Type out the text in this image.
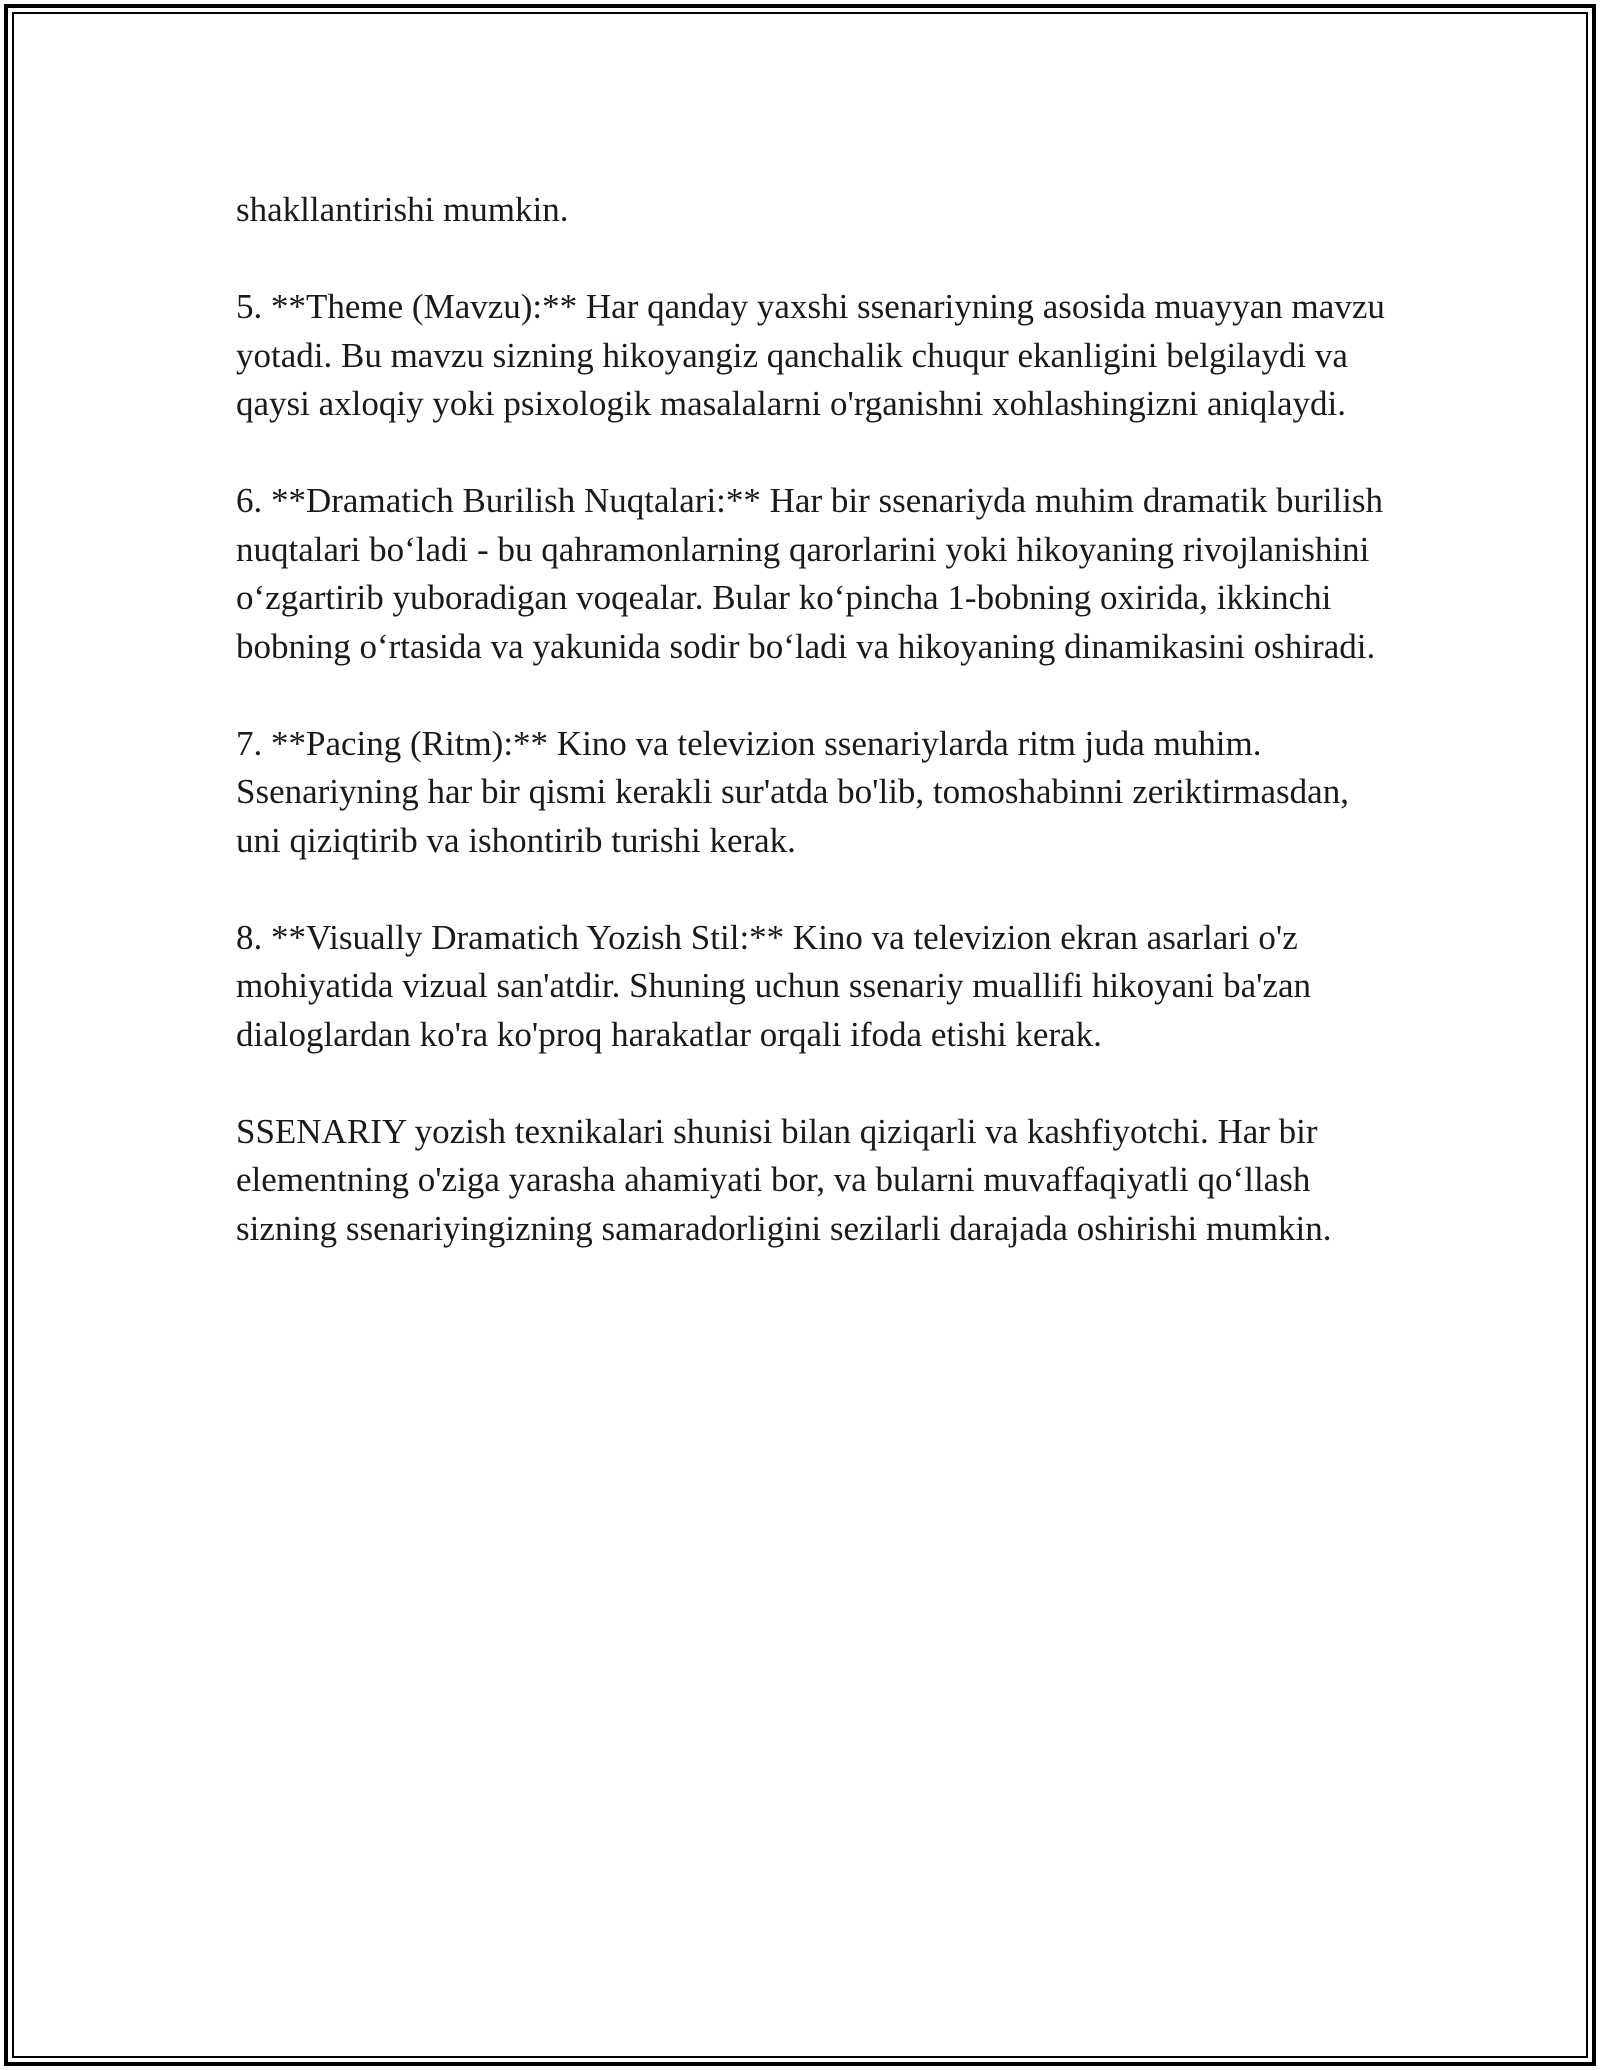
shakllantirishi mumkin.

5. **Theme (Mavzu):** Har qanday yaxshi ssenariyning asosida muayyan mavzu yotadi. Bu mavzu sizning hikoyangiz qanchalik chuqur ekanligini belgilaydi va qaysi axloqiy yoki psixologik masalalarni o'rganishni xohlashingizni aniqlaydi.

6. **Dramatich Burilish Nuqtalari:** Har bir ssenariyda muhim dramatik burilish nuqtalari bo‘ladi - bu qahramonlarning qarorlarini yoki hikoyaning rivojlanishini o‘zgartirib yuboradigan voqealar. Bular ko‘pincha 1-bobning oxirida, ikkinchi bobning o‘rtasida va yakunida sodir bo‘ladi va hikoyaning dinamikasini oshiradi.

7. **Pacing (Ritm):** Kino va televizion ssenariylarda ritm juda muhim. Ssenariyning har bir qismi kerakli sur'atda bo'lib, tomoshabinni zeriktirmasdan, uni qiziqtirib va ishontirib turishi kerak.

8. **Visually Dramatich Yozish Stil:** Kino va televizion ekran asarlari o'z mohiyatida vizual san'atdir. Shuning uchun ssenariy muallifi hikoyani ba'zan dialoglardan ko'ra ko'proq harakatlar orqali ifoda etishi kerak.

SSENARIY yozish texnikalari shunisi bilan qiziqarli va kashfiyotchi. Har bir elementning o'ziga yarasha ahamiyati bor, va bularni muvaffaqiyatli qo‘llash sizning ssenariyingizning samaradorligini sezilarli darajada oshirishi mumkin.
